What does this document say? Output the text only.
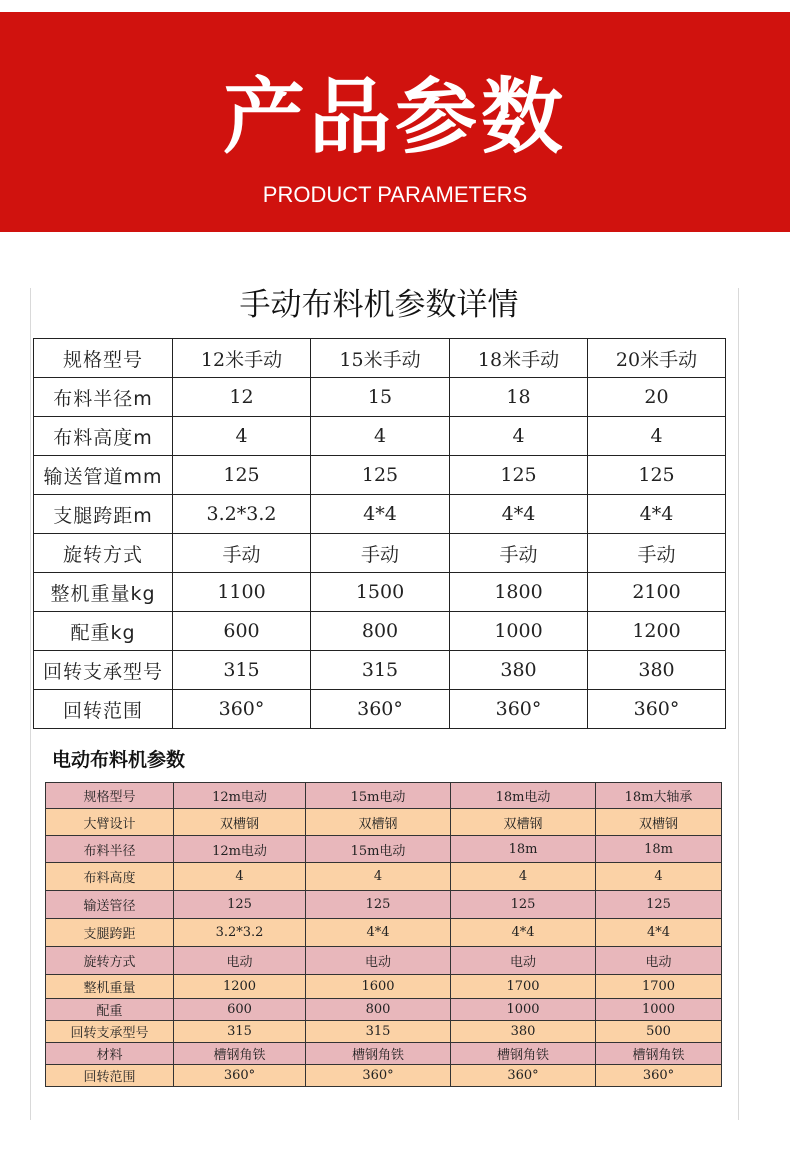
产品参数
PRODUCT PARAMETERS
手动布料机参数详情
规格型号	12米手动	15米手动	18米手动	20米手动
布料半径m	12	15	18	20
布料高度m	4	4	4	4
输送管道mm	125	125	125	125
支腿跨距m	3.2*3.2	4*4	4*4	4*4
旋转方式	手动	手动	手动	手动
整机重量kg	1100	1500	1800	2100
配重kg	600	800	1000	1200
回转支承型号	315	315	380	380
回转范围	360°	360°	360°	360°
电动布料机参数
规格型号	12m电动	15m电动	18m电动	18m大轴承
大臂设计	双槽钢	双槽钢	双槽钢	双槽钢
布料半径	12m电动	15m电动	18m	18m
布料高度	4	4	4	4
输送管径	125	125	125	125
支腿跨距	3.2*3.2	4*4	4*4	4*4
旋转方式	电动	电动	电动	电动
整机重量	1200	1600	1700	1700
配重	600	800	1000	1000
回转支承型号	315	315	380	500
材料	槽钢角铁	槽钢角铁	槽钢角铁	槽钢角铁
回转范围	360°	360°	360°	360°
